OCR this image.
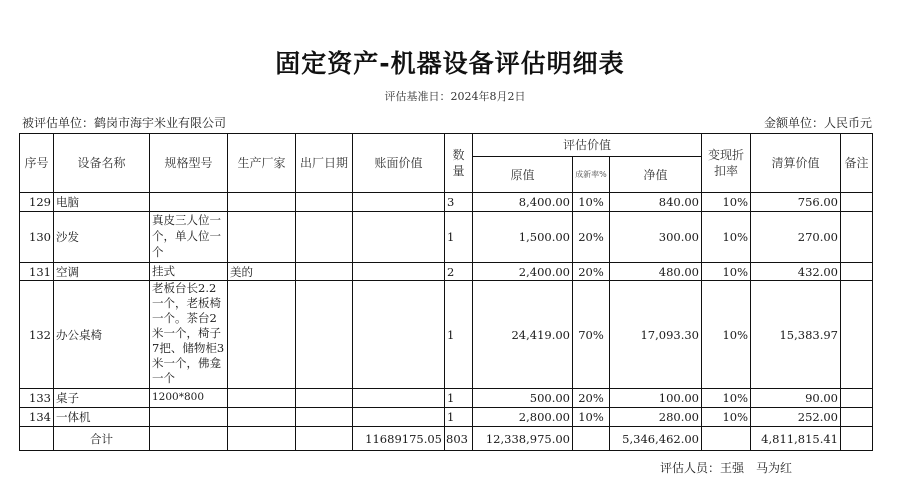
固定资产-机器设备评估明细表
评估基准日：2024年8月2日
被评估单位：鹤岗市海宇米业有限公司	金额单位：人民币元
序号	设备名称	规格型号	生产厂家	出厂日期	账面价值	数量	评估价值			变现折扣率	清算价值	备注
							原值	成新率%	净值			
129	电脑					3	8,400.00	10%	840.00	10%	756.00	
130	沙发	真皮三人位一个，单人位一个				1	1,500.00	20%	300.00	10%	270.00	
131	空调	挂式	美的			2	2,400.00	20%	480.00	10%	432.00	
132	办公桌椅	老板台长2.2一个，老板椅一个。茶台2米一个，椅子7把、储物柜3米一个，佛龛一个				1	24,419.00	70%	17,093.30	10%	15,383.97	
133	桌子	1200*800				1	500.00	20%	100.00	10%	90.00	
134	一体机					1	2,800.00	10%	280.00	10%	252.00	
	合计				11689175.05	803	12,338,975.00		5,346,462.00		4,811,815.41	
评估人员：王强　马为红
